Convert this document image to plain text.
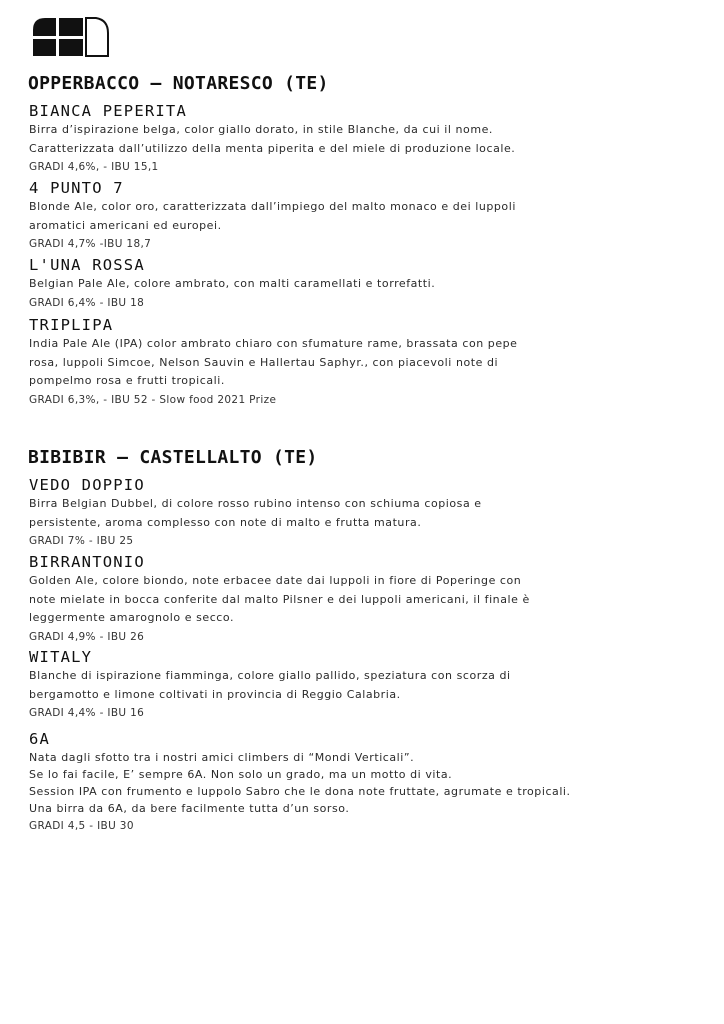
OPPERBACCO – NOTARESCO (TE)
BIANCA PEPERITA

Birra d’ispirazione belga, color giallo dorato, in stile Blanche, da cui il nome.
Caratterizzata dall’utilizzo della menta piperita e del miele di produzione locale.

GRADI 4,6%, - IBU 15,1
4 PUNTO 7

Blonde Ale, color oro, caratterizzata dall’impiego del malto monaco e dei luppoli
aromatici americani ed europei.

GRADI 4,7% -IBU 18,7
L'UNA ROSSA

Belgian Pale Ale, colore ambrato, con malti caramellati e torrefatti.

GRADI 6,4% - IBU 18
TRIPLIPA

India Pale Ale (IPA) color ambrato chiaro con sfumature rame, brassata con pepe
rosa, luppoli Simcoe, Nelson Sauvin e Hallertau Saphyr., con piacevoli note di
pompelmo rosa e frutti tropicali.

GRADI 6,3%, - IBU 52 - Slow food 2021 Prize
BIBIBIR – CASTELLALTO (TE)
VEDO DOPPIO

Birra Belgian Dubbel, di colore rosso rubino intenso con schiuma copiosa e
persistente, aroma complesso con note di malto e frutta matura.

GRADI 7% - IBU 25
BIRRANTONIO

Golden Ale, colore biondo, note erbacee date dai luppoli in fiore di Poperinge con
note mielate in bocca conferite dal malto Pilsner e dei luppoli americani, il finale è
leggermente amarognolo e secco.

GRADI 4,9% - IBU 26
WITALY

Blanche di ispirazione fiamminga, colore giallo pallido, speziatura con scorza di
bergamotto e limone coltivati in provincia di Reggio Calabria.

GRADI 4,4% - IBU 16
6A

Nata dagli sfotto tra i nostri amici climbers di “Mondi Verticali”.
Se lo fai facile, E’ sempre 6A. Non solo un grado, ma un motto di vita.
Session IPA con frumento e luppolo Sabro che le dona note fruttate, agrumate e tropicali.
Una birra da 6A, da bere facilmente tutta d’un sorso.

GRADI 4,5 - IBU 30
